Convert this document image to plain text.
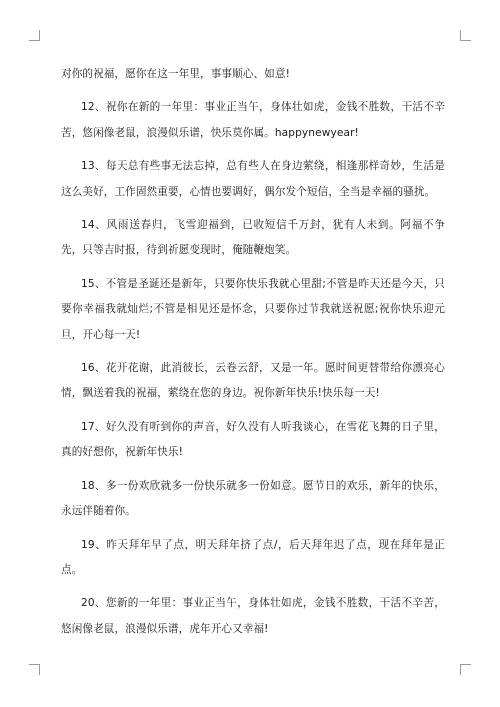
对你的祝福，愿你在这一年里，事事顺心、如意!

12、祝你在新的一年里：事业正当午，身体壮如虎，金钱不胜数，干活不辛苦，悠闲像老鼠，浪漫似乐谱，快乐莫你属。happynewyear!

13、每天总有些事无法忘掉，总有些人在身边萦绕，相逢那样奇妙，生活是这么美好，工作固然重要，心情也要调好，偶尔发个短信，全当是幸福的骚扰。

14、风雨送春归，飞雪迎福到，已收短信千万封，犹有人未到。阿福不争先，只等吉时报，待到祈愿变现时，俺随鞭炮笑。

15、不管是圣诞还是新年，只要你快乐我就心里甜;不管是昨天还是今天，只要你幸福我就灿烂;不管是相见还是怀念，只要你过节我就送祝愿;祝你快乐迎元旦，开心每一天!

16、花开花谢，此消彼长，云卷云舒，又是一年。愿时间更替带给你漂亮心情，飘送着我的祝福，萦绕在您的身边。祝你新年快乐!快乐每一天!

17、好久没有听到你的声音，好久没有人听我谈心，在雪花飞舞的日子里，真的好想你，祝新年快乐!

18、多一份欢欣就多一份快乐就多一份如意。愿节日的欢乐，新年的快乐，永远伴随着你。

19、昨天拜年早了点，明天拜年挤了点/，后天拜年迟了点，现在拜年是正点。

20、您新的一年里：事业正当午，身体壮如虎，金钱不胜数，干活不辛苦，悠闲像老鼠，浪漫似乐谱，虎年开心又幸福!
